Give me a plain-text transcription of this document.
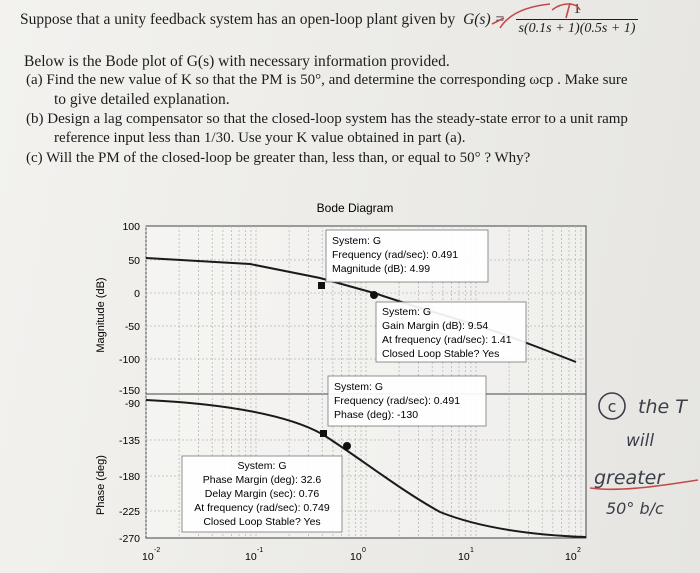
Suppose that a unity feedback system has an open-loop plant given by G(s) =
1
s(0.1s + 1)(0.5s + 1)
Below is the Bode plot of G(s) with necessary information provided.
(a) Find the new value of K so that the PM is 50°, and determine the corresponding ωcp . Make sure
to give detailed explanation.
(b) Design a lag compensator so that the closed-loop system has the steady-state error to a unit ramp
reference input less than 1/30. Use your K value obtained in part (a).
(c) Will the PM of the closed-loop be greater than, less than, or equal to 50° ? Why?
Bode Diagram
Magnitude (dB)
Phase (deg)
100
50
0
-50
-100
-150
-90
-135
-180
-225
-270
10
-2
10
-1
10
0
10
1
10
2
System: G
Frequency (rad/sec): 0.491
Magnitude (dB): 4.99
System: G
Gain Margin (dB): 9.54
At frequency (rad/sec): 1.41
Closed Loop Stable? Yes
System: G
Frequency (rad/sec): 0.491
Phase (deg): -130
System: G
Phase Margin (deg): 32.6
Delay Margin (sec): 0.76
At frequency (rad/sec): 0.749
Closed Loop Stable? Yes
c the T
will
greater
50° b/c
